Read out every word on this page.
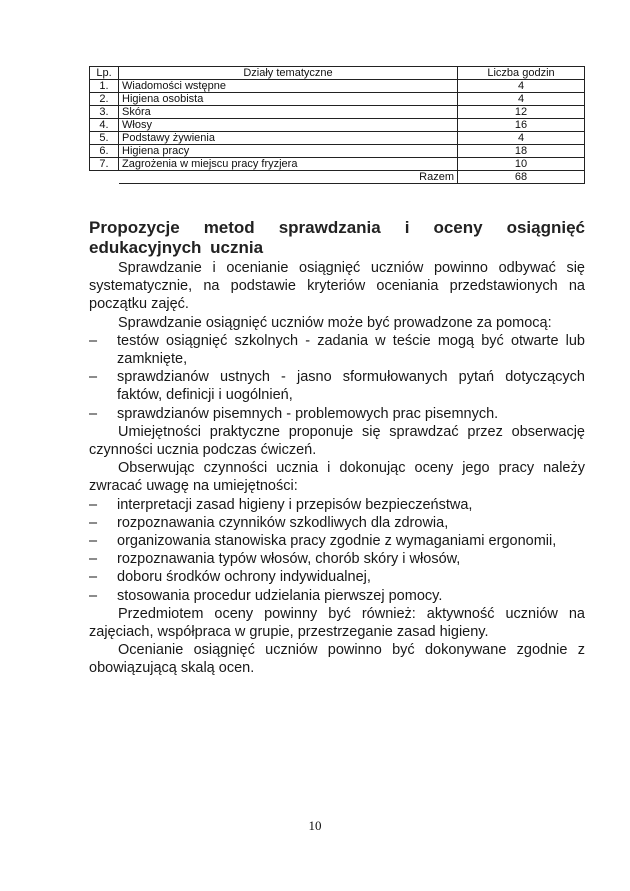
Lp.	Działy tematyczne	Liczba godzin
1.	Wiadomości wstępne	4
2.	Higiena osobista	4
3.	Skóra	12
4.	Włosy	16
5.	Podstawy żywienia	4
6.	Higiena pracy	18
7.	Zagrożenia w miejscu pracy fryzjera	10
	Razem	68
Propozycje metod sprawdzania i oceny osiągnięć edukacyjnych ucznia

Sprawdzanie i ocenianie osiągnięć uczniów powinno odbywać się systematycznie, na podstawie kryteriów oceniania przedstawionych na początku zajęć.

Sprawdzanie osiągnięć uczniów może być prowadzone za pomocą:

– testów osiągnięć szkolnych - zadania w teście mogą być otwarte lub zamknięte,
– sprawdzianów ustnych - jasno sformułowanych pytań dotyczących faktów, definicji i uogólnień,
– sprawdzianów pisemnych - problemowych prac pisemnych.

Umiejętności praktyczne proponuje się sprawdzać przez obserwację czynności ucznia podczas ćwiczeń.

Obserwując czynności ucznia i dokonując oceny jego pracy należy zwracać uwagę na umiejętności:

– interpretacji zasad higieny i przepisów bezpieczeństwa,
– rozpoznawania czynników szkodliwych dla zdrowia,
– organizowania stanowiska pracy zgodnie z wymaganiami ergonomii,
– rozpoznawania typów włosów, chorób skóry i włosów,
– doboru środków ochrony indywidualnej,
– stosowania procedur udzielania pierwszej pomocy.

Przedmiotem oceny powinny być również: aktywność uczniów na zajęciach, współpraca w grupie, przestrzeganie zasad higieny.

Ocenianie osiągnięć uczniów powinno być dokonywane zgodnie z obowiązującą skalą ocen.

10
